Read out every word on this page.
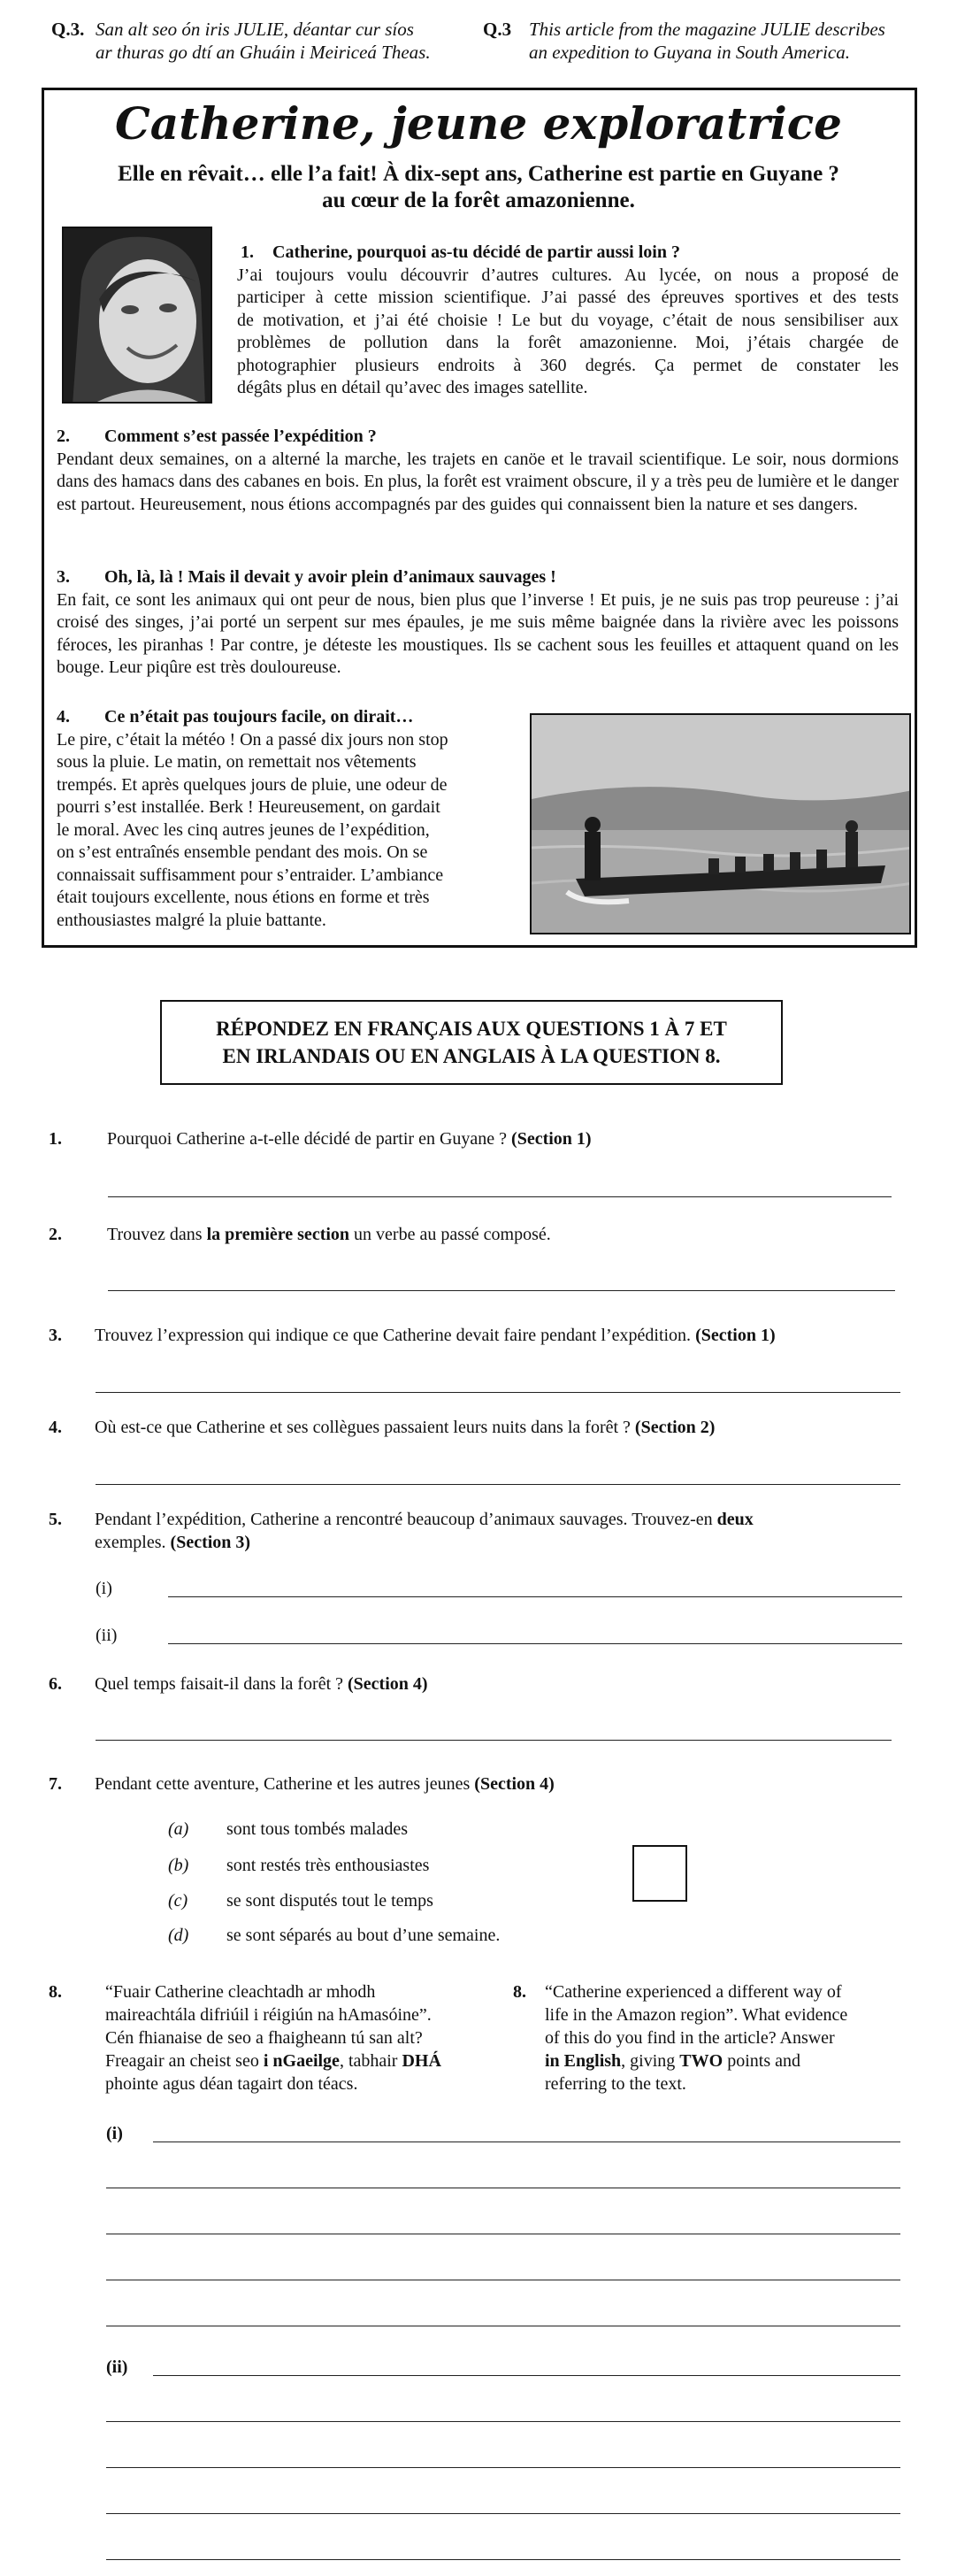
Q.3. San alt seo ón iris JULIE, déantar cur síos
ar thuras go dtí an Ghuáin i Meiriceá Theas.
Q.3 This article from the magazine JULIE describes
an expedition to Guyana in South America.
Catherine, jeune exploratrice
Elle en rêvait… elle l’a fait! À dix-sept ans, Catherine est partie en Guyane ?
au cœur de la forêt amazonienne.
1. Catherine, pourquoi as-tu décidé de partir aussi loin ?
J’ai toujours voulu découvrir d’autres cultures. Au lycée, on nous a proposé de
participer à cette mission scientifique. J’ai passé des épreuves sportives et des tests
de motivation, et j’ai été choisie ! Le but du voyage, c’était de nous sensibiliser aux
problèmes de pollution dans la forêt amazonienne. Moi, j’étais chargée de
photographier plusieurs endroits à 360 degrés. Ça permet de constater les
dégâts plus en détail qu’avec des images satellite.
2. Comment s’est passée l’expédition ?
Pendant deux semaines, on a alterné la marche, les trajets en canöe et le travail scientifique. Le soir, nous dormions dans des hamacs dans des cabanes en bois. En plus, la forêt est vraiment obscure, il y a très peu de lumière et le danger est partout. Heureusement, nous étions accompagnés par des guides qui connaissent bien la nature et ses dangers.
3. Oh, là, là ! Mais il devait y avoir plein d’animaux sauvages !
En fait, ce sont les animaux qui ont peur de nous, bien plus que l’inverse ! Et puis, je ne suis pas trop peureuse : j’ai croisé des singes, j’ai porté un serpent sur mes épaules, je me suis même baignée dans la rivière avec les poissons féroces, les piranhas ! Par contre, je déteste les moustiques. Ils se cachent sous les feuilles et attaquent quand on les bouge. Leur piqûre est très douloureuse.
4. Ce n’était pas toujours facile, on dirait…
Le pire, c’était la météo ! On a passé dix jours non stop
sous la pluie. Le matin, on remettait nos vêtements
trempés. Et après quelques jours de pluie, une odeur de
pourri s’est installée. Berk ! Heureusement, on gardait
le moral. Avec les cinq autres jeunes de l’expédition,
on s’est entraînés ensemble pendant des mois. On se
connaissait suffisamment pour s’entraider. L’ambiance
était toujours excellente, nous étions en forme et très
enthousiastes malgré la pluie battante.
RÉPONDEZ EN FRANÇAIS AUX QUESTIONS 1 À 7 ET
EN IRLANDAIS OU EN ANGLAIS À LA QUESTION 8.
1.	Pourquoi Catherine a-t-elle décidé de partir en Guyane ? (Section 1)
2.	Trouvez dans la première section un verbe au passé composé.
3. Trouvez l’expression qui indique ce que Catherine devait faire pendant l’expédition. (Section 1)
4. Où est-ce que Catherine et ses collègues passaient leurs nuits dans la forêt ? (Section 2)
5. Pendant l’expédition, Catherine a rencontré beaucoup d’animaux sauvages. Trouvez-en deux
exemples. (Section 3)
(i)
(ii)
6. Quel temps faisait-il dans la forêt ? (Section 4)
7. Pendant cette aventure, Catherine et les autres jeunes (Section 4)
(a) sont tous tombés malades
(b) sont restés très enthousiastes
(c) se sont disputés tout le temps
(d) se sont séparés au bout d’une semaine.
8. “Fuair Catherine cleachtadh ar mhodh
maireachtála difriúil i réigiún na hAmasóine”.
Cén fhianaise de seo a fhaigheann tú san alt?
Freagair an cheist seo i nGaeilge, tabhair DHÁ
phointe agus déan tagairt don téacs.
8. “Catherine experienced a different way of
life in the Amazon region”. What evidence
of this do you find in the article? Answer
in English, giving TWO points and
referring to the text.
(i)
(ii)
